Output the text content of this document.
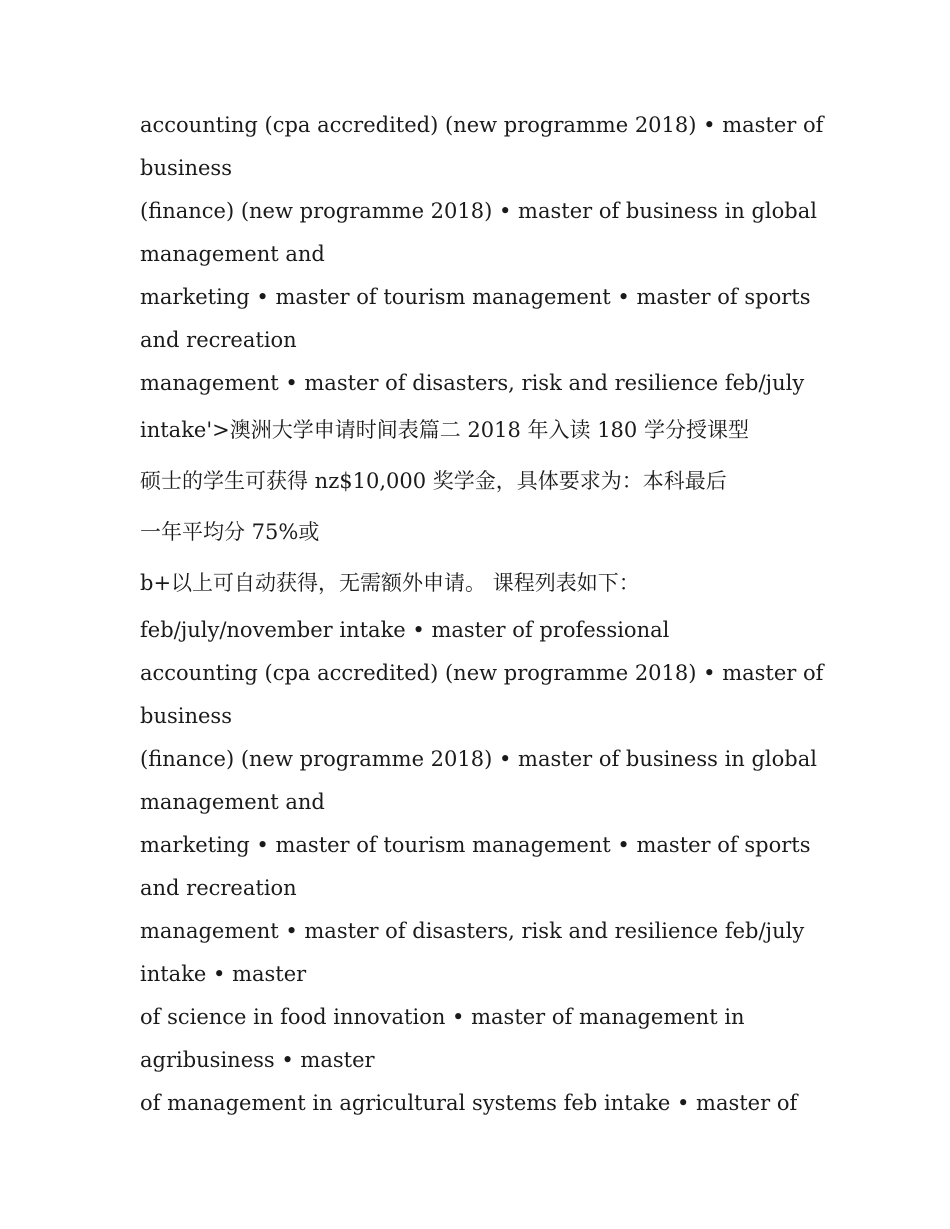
accounting (cpa accredited) (new programme 2018) • master of
business
(finance) (new programme 2018) • master of business in global
management and
marketing • master of tourism management • master of sports
and recreation
management • master of disasters, risk and resilience feb/july
intake'>澳洲大学申请时间表篇二 2018 年入读 180 学分授课型
硕士的学生可获得 nz$10,000 奖学金，具体要求为：本科最后
一年平均分 75%或
b+以上可自动获得，无需额外申请。 课程列表如下：
feb/july/november intake • master of professional
accounting (cpa accredited) (new programme 2018) • master of
business
(finance) (new programme 2018) • master of business in global
management and
marketing • master of tourism management • master of sports
and recreation
management • master of disasters, risk and resilience feb/july
intake • master
of science in food innovation • master of management in
agribusiness • master
of management in agricultural systems feb intake • master of
